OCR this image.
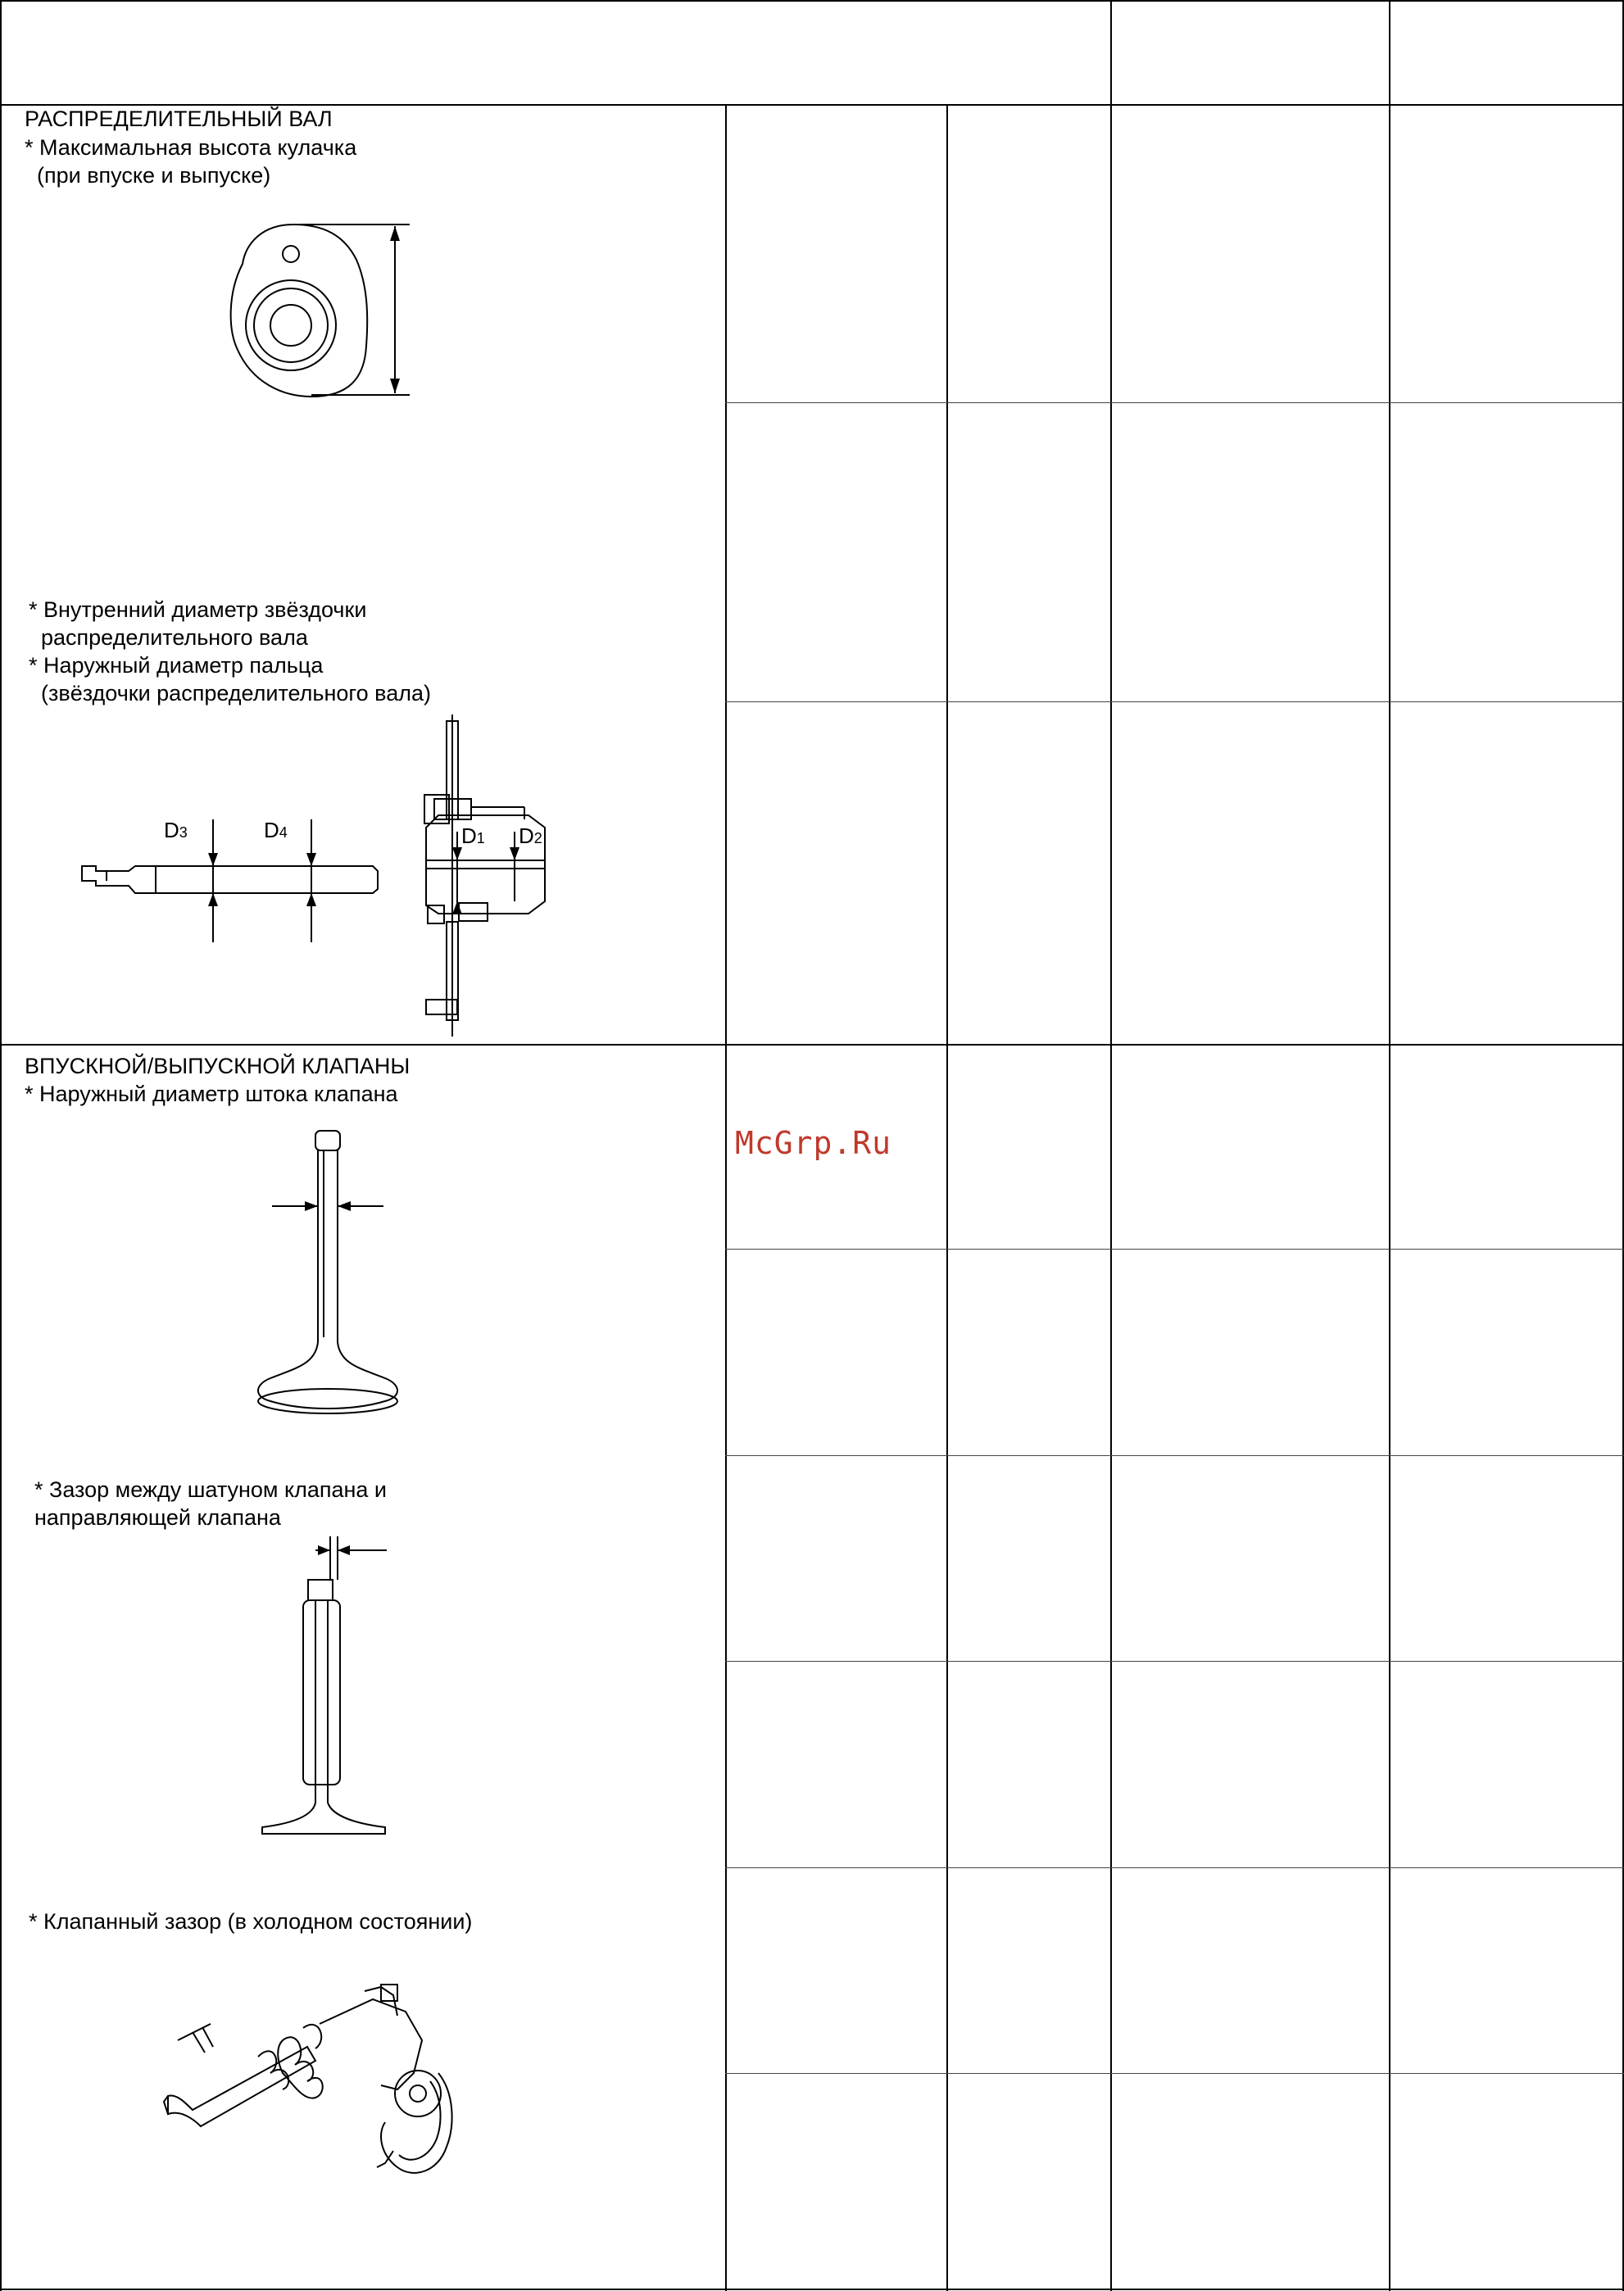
РАСПРЕДЕЛИТЕЛЬНЫЙ ВАЛ
* Максимальная высота кулачка
(при впуске и выпуске)
* Внутренний диаметр звёздочки
распределительного вала
* Наружный диаметр пальца
(звёздочки распределительного вала)
D3	D4	D1 D2
ВПУСКНОЙ/ВЫПУСКНОЙ КЛАПАНЫ
* Наружный диаметр штока клапана
* Зазор между шатуном клапана и
направляющей клапана
* Клапанный зазор (в холодном состоянии)
McGrp.Ru
